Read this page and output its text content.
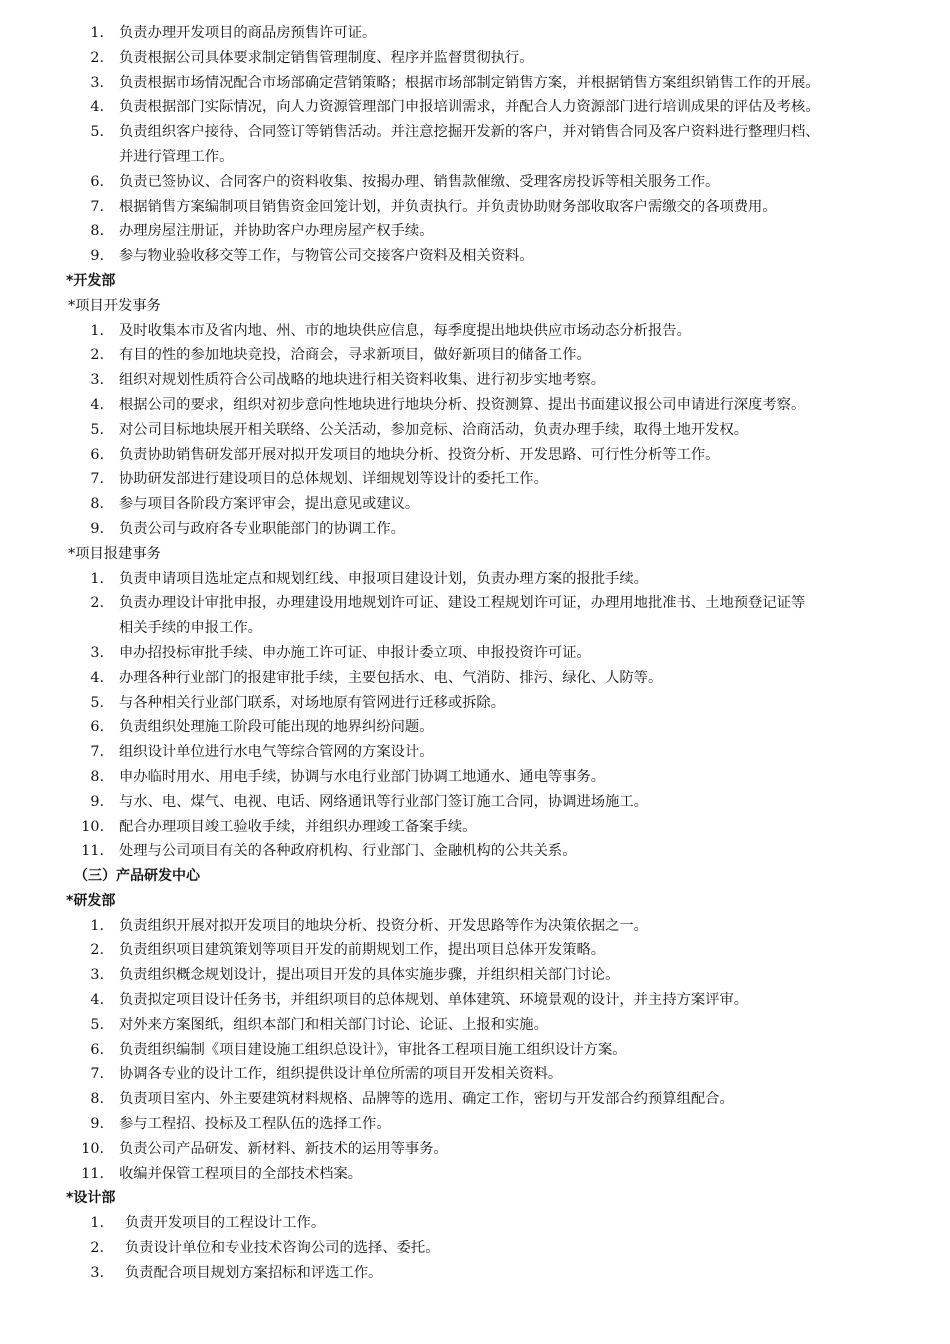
1. 负责办理开发项目的商品房预售许可证。
2. 负责根据公司具体要求制定销售管理制度、程序并监督贯彻执行。
3. 负责根据市场情况配合市场部确定营销策略；根据市场部制定销售方案，并根据销售方案组织销售工作的开展。
4. 负责根据部门实际情况，向人力资源管理部门申报培训需求，并配合人力资源部门进行培训成果的评估及考核。
5. 负责组织客户接待、合同签订等销售活动。并注意挖掘开发新的客户，并对销售合同及客户资料进行整理归档、
并进行管理工作。
6. 负责已签协议、合同客户的资料收集、按揭办理、销售款催缴、受理客房投诉等相关服务工作。
7. 根据销售方案编制项目销售资金回笼计划，并负责执行。并负责协助财务部收取客户需缴交的各项费用。
8. 办理房屋注册证，并协助客户办理房屋产权手续。
9. 参与物业验收移交等工作，与物管公司交接客户资料及相关资料。
*开发部
*项目开发事务
1. 及时收集本市及省内地、州、市的地块供应信息，每季度提出地块供应市场动态分析报告。
2. 有目的性的参加地块竞投，洽商会，寻求新项目，做好新项目的储备工作。
3. 组织对规划性质符合公司战略的地块进行相关资料收集、进行初步实地考察。
4. 根据公司的要求，组织对初步意向性地块进行地块分析、投资测算、提出书面建议报公司申请进行深度考察。
5. 对公司目标地块展开相关联络、公关活动，参加竞标、洽商活动，负责办理手续，取得土地开发权。
6. 负责协助销售研发部开展对拟开发项目的地块分析、投资分析、开发思路、可行性分析等工作。
7. 协助研发部进行建设项目的总体规划、详细规划等设计的委托工作。
8. 参与项目各阶段方案评审会，提出意见或建议。
9. 负责公司与政府各专业职能部门的协调工作。
*项目报建事务
1. 负责申请项目选址定点和规划红线、申报项目建设计划，负责办理方案的报批手续。
2. 负责办理设计审批申报，办理建设用地规划许可证、建设工程规划许可证，办理用地批准书、土地预登记证等
相关手续的申报工作。
3. 申办招投标审批手续、申办施工许可证、申报计委立项、申报投资许可证。
4. 办理各种行业部门的报建审批手续，主要包括水、电、气消防、排污、绿化、人防等。
5. 与各种相关行业部门联系，对场地原有管网进行迁移或拆除。
6. 负责组织处理施工阶段可能出现的地界纠纷问题。
7. 组织设计单位进行水电气等综合管网的方案设计。
8. 申办临时用水、用电手续，协调与水电行业部门协调工地通水、通电等事务。
9. 与水、电、煤气、电视、电话、网络通讯等行业部门签订施工合同，协调进场施工。
10. 配合办理项目竣工验收手续，并组织办理竣工备案手续。
11. 处理与公司项目有关的各种政府机构、行业部门、金融机构的公共关系。
（三）产品研发中心
*研发部
1. 负责组织开展对拟开发项目的地块分析、投资分析、开发思路等作为决策依据之一。
2. 负责组织项目建筑策划等项目开发的前期规划工作，提出项目总体开发策略。
3. 负责组织概念规划设计，提出项目开发的具体实施步骤，并组织相关部门讨论。
4. 负责拟定项目设计任务书，并组织项目的总体规划、单体建筑、环境景观的设计，并主持方案评审。
5. 对外来方案图纸，组织本部门和相关部门讨论、论证、上报和实施。
6. 负责组织编制《项目建设施工组织总设计》，审批各工程项目施工组织设计方案。
7. 协调各专业的设计工作，组织提供设计单位所需的项目开发相关资料。
8. 负责项目室内、外主要建筑材料规格、品牌等的选用、确定工作，密切与开发部合约预算组配合。
9. 参与工程招、投标及工程队伍的选择工作。
10. 负责公司产品研发、新材料、新技术的运用等事务。
11. 收编并保管工程项目的全部技术档案。
*设计部
1. 负责开发项目的工程设计工作。
2. 负责设计单位和专业技术咨询公司的选择、委托。
3. 负责配合项目规划方案招标和评选工作。
